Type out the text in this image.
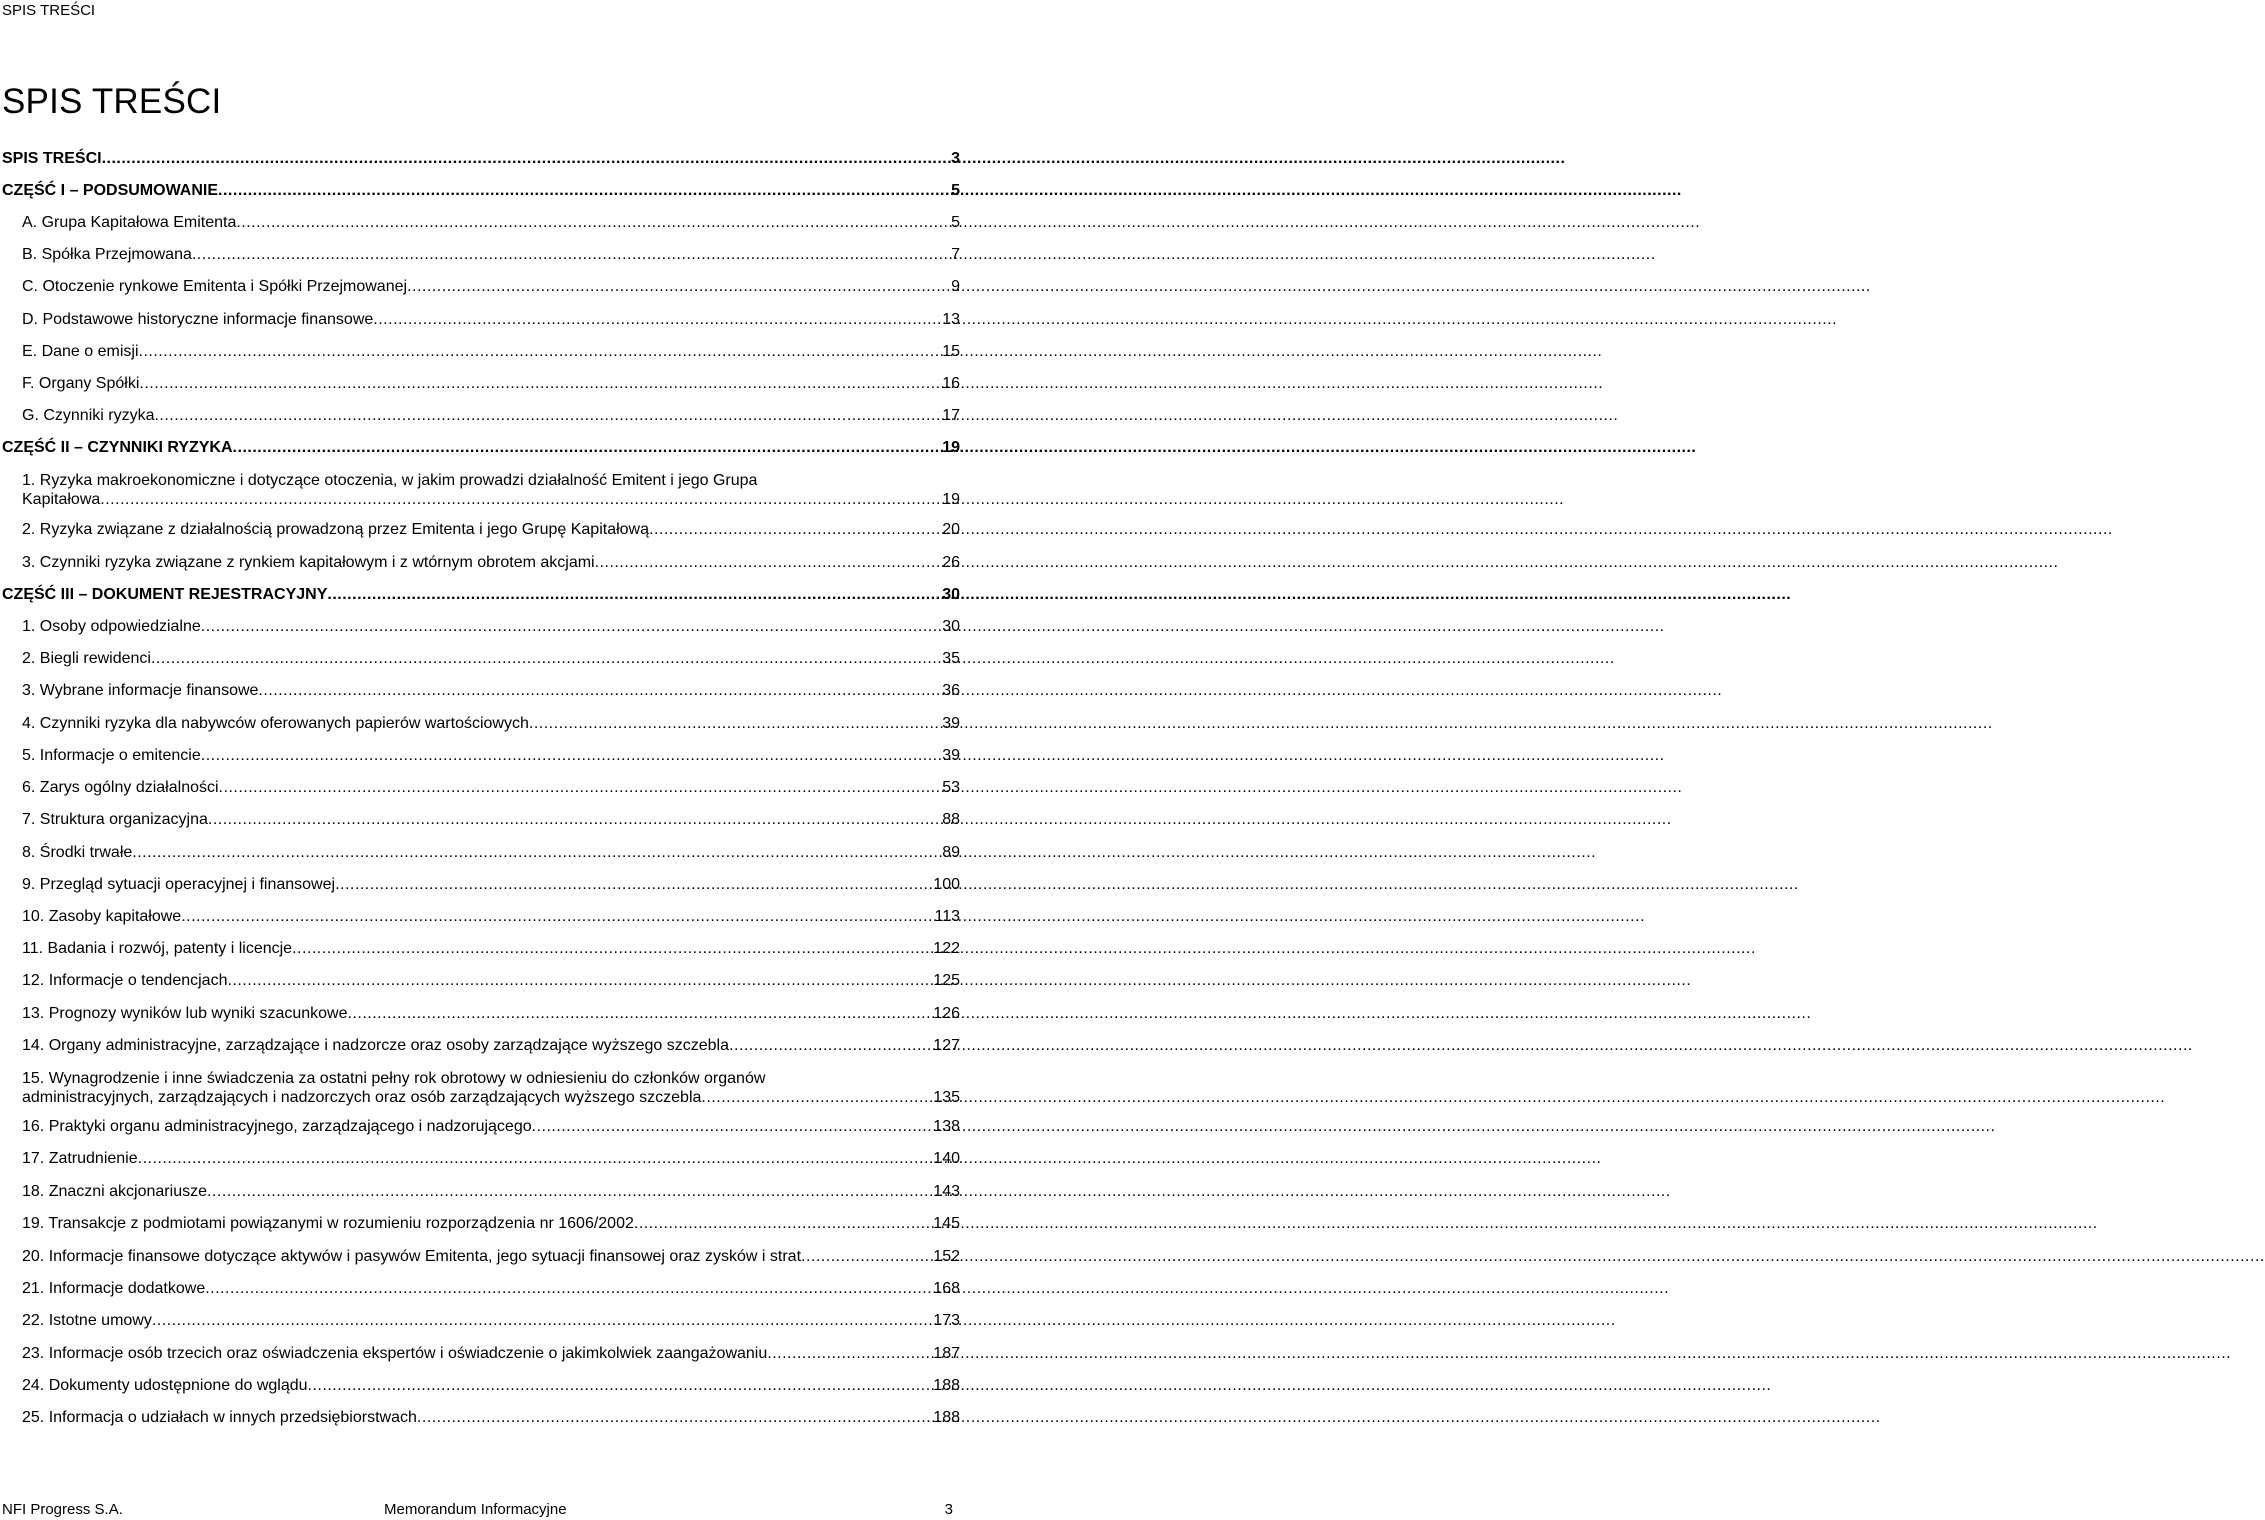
SPIS TREŚCI
SPIS TREŚCI
SPIS TREŚCI .....	3
CZĘŚĆ I – PODSUMOWANIE .....	5
A. Grupa Kapitałowa Emitenta .....	5
B. Spółka Przejmowana .....	7
C. Otoczenie rynkowe Emitenta i Spółki Przejmowanej .....	9
D. Podstawowe historyczne informacje finansowe .....	13
E. Dane o emisji .....	15
F. Organy Spółki .....	16
G. Czynniki ryzyka .....	17
CZĘŚĆ II – CZYNNIKI RYZYKA .....	19
1. Ryzyka makroekonomiczne i dotyczące otoczenia, w jakim prowadzi działalność Emitent i jego Grupa
Kapitałowa .....	19
2. Ryzyka związane z działalnością prowadzoną przez Emitenta i jego Grupę Kapitałową .....	20
3. Czynniki ryzyka związane z rynkiem kapitałowym i z wtórnym obrotem akcjami .....	26
CZĘŚĆ III – DOKUMENT REJESTRACYJNY .....	30
1. Osoby odpowiedzialne .....	30
2. Biegli rewidenci .....	35
3. Wybrane informacje finansowe .....	36
4. Czynniki ryzyka dla nabywców oferowanych papierów wartościowych .....	39
5. Informacje o emitencie .....	39
6. Zarys ogólny działalności .....	53
7. Struktura organizacyjna .....	88
8. Środki trwałe .....	89
9. Przegląd sytuacji operacyjnej i finansowej .....	100
10. Zasoby kapitałowe .....	113
11. Badania i rozwój, patenty i licencje .....	122
12. Informacje o tendencjach .....	125
13. Prognozy wyników lub wyniki szacunkowe .....	126
14. Organy administracyjne, zarządzające i nadzorcze oraz osoby zarządzające wyższego szczebla .....	127
15. Wynagrodzenie i inne świadczenia za ostatni pełny rok obrotowy w odniesieniu do członków organów
administracyjnych, zarządzających i nadzorczych oraz osób zarządzających wyższego szczebla .....	135
16. Praktyki organu administracyjnego, zarządzającego i nadzorującego .....	138
17. Zatrudnienie .....	140
18. Znaczni akcjonariusze .....	143
19. Transakcje z podmiotami powiązanymi w rozumieniu rozporządzenia nr 1606/2002 .....	145
20. Informacje finansowe dotyczące aktywów i pasywów Emitenta, jego sytuacji finansowej oraz zysków i strat .....	152
21. Informacje dodatkowe .....	168
22. Istotne umowy .....	173
23. Informacje osób trzecich oraz oświadczenia ekspertów i oświadczenie o jakimkolwiek zaangażowaniu .....	187
24. Dokumenty udostępnione do wglądu .....	188
25. Informacja o udziałach w innych przedsiębiorstwach .....	188
NFI Progress S.A.	Memorandum Informacyjne	3
